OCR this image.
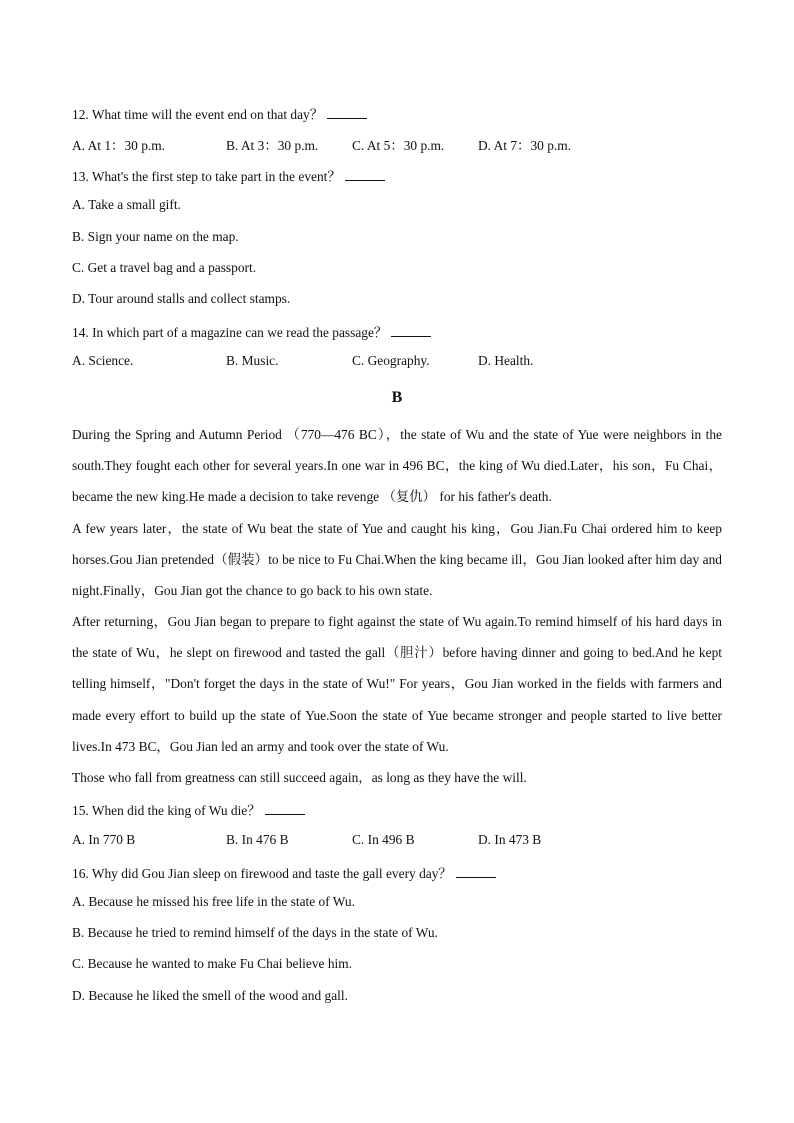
12. What time will the event end on that day？
A. At 1：30 p.m.	B. At 3：30 p.m.	C. At 5：30 p.m.	D. At 7：30 p.m.
13. What's the first step to take part in the event？
A. Take a small gift.
B. Sign your name on the map.
C. Get a travel bag and a passport.
D. Tour around stalls and collect stamps.
14. In which part of a magazine can we read the passage？
A. Science.	B. Music.	C. Geography.	D. Health.
B
During the Spring and Autumn Period （770—476 BC），the state of Wu and the state of Yue were neighbors in the south.They fought each other for several years.In one war in 496 BC，the king of Wu died.Later，his son，Fu Chai，became the new king.He made a decision to take revenge （复仇） for his father's death.
A few years later，the state of Wu beat the state of Yue and caught his king，Gou Jian.Fu Chai ordered him to keep horses.Gou Jian pretended（假装）to be nice to Fu Chai.When the king became ill，Gou Jian looked after him day and night.Finally，Gou Jian got the chance to go back to his own state.
After returning，Gou Jian began to prepare to fight against the state of Wu again.To remind himself of his hard days in the state of Wu，he slept on firewood and tasted the gall（胆汁）before having dinner and going to bed.And he kept telling himself，"Don't forget the days in the state of Wu!" For years，Gou Jian worked in the fields with farmers and made every effort to build up the state of Yue.Soon the state of Yue became stronger and people started to live better lives.In 473 BC，Gou Jian led an army and took over the state of Wu.
Those who fall from greatness can still succeed again，as long as they have the will.
15. When did the king of Wu die？
A. In 770 B	B. In 476 B	C. In 496 B	D. In 473 B
16. Why did Gou Jian sleep on firewood and taste the gall every day？
A. Because he missed his free life in the state of Wu.
B. Because he tried to remind himself of the days in the state of Wu.
C. Because he wanted to make Fu Chai believe him.
D. Because he liked the smell of the wood and gall.
